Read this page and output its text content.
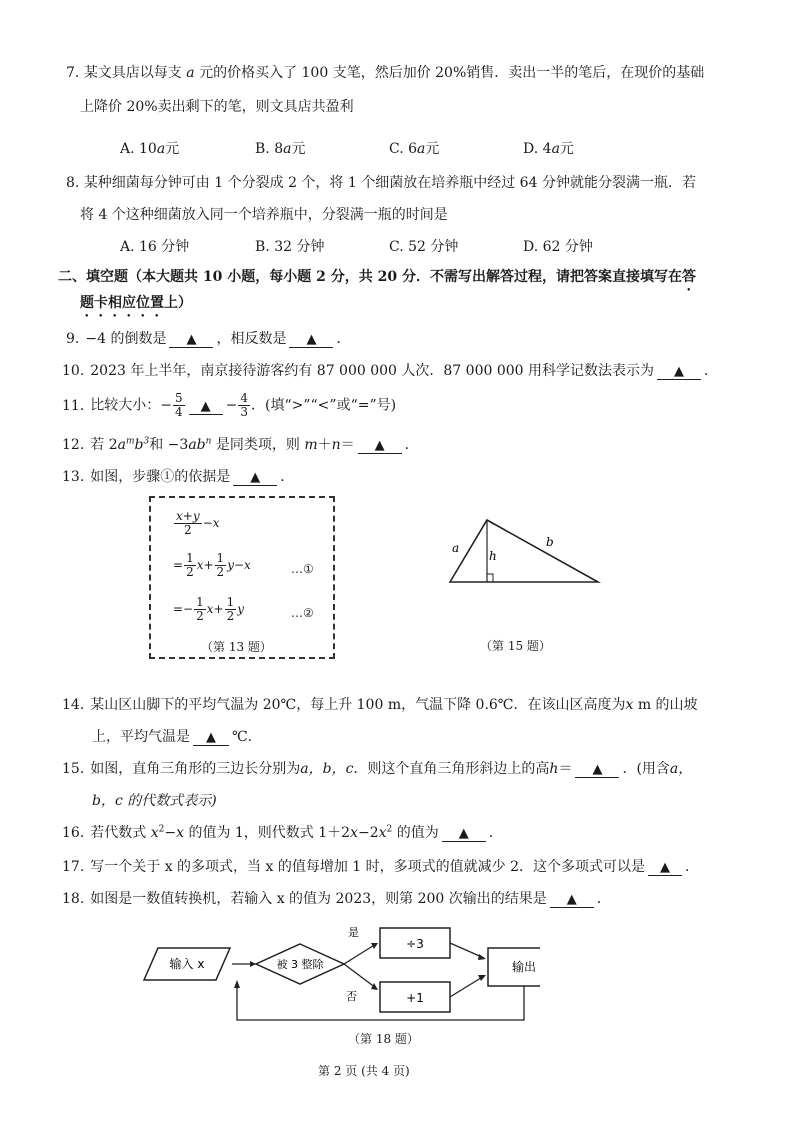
7. 某文具店以每支 a 元的价格买入了 100 支笔，然后加价 20%销售．卖出一半的笔后，在现价的基础
上降价 20%卖出剩下的笔，则文具店共盈利
A. 10a元	B. 8a元	C. 6a元	D. 4a元
8. 某种细菌每分钟可由 1 个分裂成 2 个，将 1 个细菌放在培养瓶中经过 64 分钟就能分裂满一瓶．若
将 4 个这种细菌放入同一个培养瓶中，分裂满一瓶的时间是
A. 16 分钟	B. 32 分钟	C. 52 分钟	D. 62 分钟
二、填空题（本大题共 10 小题，每小题 2 分，共 20 分．不需写出解答过程，请把答案直接填写在答
题卡相应位置上）
9. −4 的倒数是 ▲ ，相反数是 ▲ ．
10. 2023 年上半年，南京接待游客约有 87 000 000 人次．87 000 000 用科学记数法表示为 ▲ ．
11. 比较大小：− $\frac{5}{4}$ ▲ − $\frac{4}{3}$ ．(填“>”“<”或“=”号)
12. 若 $2a^mb^3$和 $-3ab^n$ 是同类项，则 m＋n＝ ▲ ．
13. 如图，步骤①的依据是 ▲ ．
$\frac{x+y}{2} -x$
= $\frac{1}{2} x+ \frac{1}{2} y-x$	…①
=− $\frac{1}{2} x+ \frac{1}{2}$ y	…②
（第 13 题）
a	b
h
（第 15 题）
14. 某山区山脚下的平均气温为 20℃，每上升 100 m，气温下降 0.6℃．在该山区高度为x m 的山坡
上，平均气温是 ▲ ℃.
15. 如图，直角三角形的三边长分别为a，b，c．则这个直角三角形斜边上的高h＝ ▲ ．(用含a，
b，c 的代数式表示)
16. 若代数式 $x^2-x$ 的值为 1，则代数式 $1+2x-2x^2$ 的值为 ▲ ．
17. 写一个关于 x 的多项式，当 x 的值每增加 1 时，多项式的值就减少 2．这个多项式可以是 ▲ ．
18. 如图是一数值转换机，若输入 x 的值为 2023，则第 200 次输出的结果是 ▲ ．
输入 x	被 3 整除
是
否
÷3
+1
输出
（第 18 题）
第 2 页 (共 4 页)
